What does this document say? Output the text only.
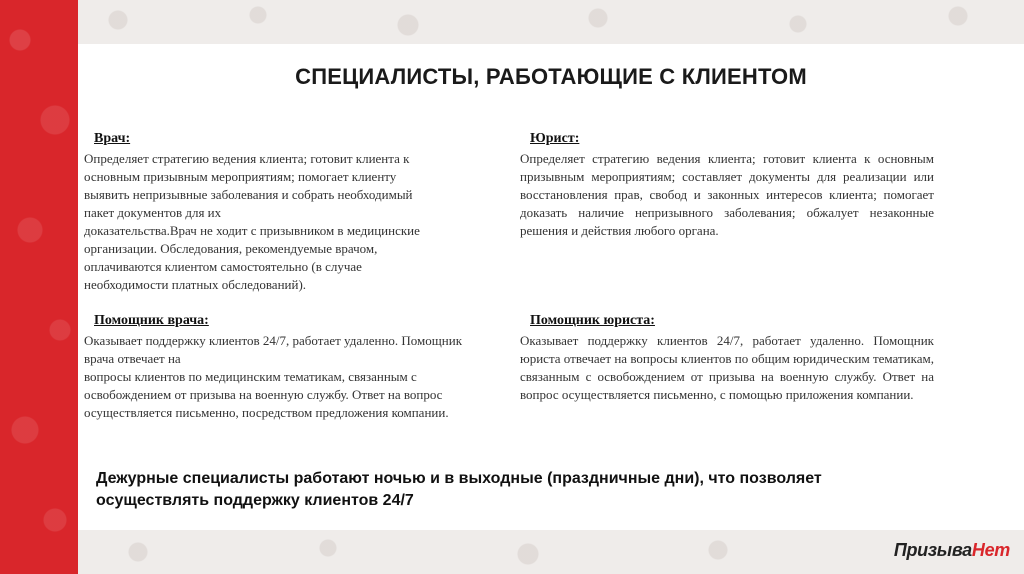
СПЕЦИАЛИСТЫ, РАБОТАЮЩИЕ С КЛИЕНТОМ
Врач:

Определяет стратегию ведения клиента; готовит клиента к основным призывным мероприятиям; помогает клиенту выявить непризывные заболевания и собрать необходимый пакет документов для их

доказательства.Врач не ходит с призывником в медицинские организации. Обследования, рекомендуемые врачом, оплачиваются клиентом самостоятельно (в случае необходимости платных обследований).

Юрист:

Определяет стратегию ведения клиента; готовит клиента к основным призывным мероприятиям; составляет документы для реализации или восстановления прав, свобод и законных интересов клиента; помогает доказать наличие непризывного заболевания; обжалует незаконные решения и действия любого органа.

Помощник врача:

Оказывает поддержку клиентов 24/7, работает удаленно. Помощник врача отвечает на

вопросы клиентов по медицинским тематикам, связанным с освобождением от призыва на военную службу. Ответ на вопрос осуществляется письменно, посредством предложения компании.

Помощник юриста:

Оказывает поддержку клиентов 24/7, работает удаленно. Помощник юриста отвечает на вопросы клиентов по общим юридическим тематикам, связанным с освобождением от призыва на военную службу. Ответ на вопрос осуществляется письменно, с помощью приложения компании.

Дежурные специалисты работают ночью и в выходные (праздничные дни), что позволяет осуществлять поддержку клиентов 24/7
ПризываНет
